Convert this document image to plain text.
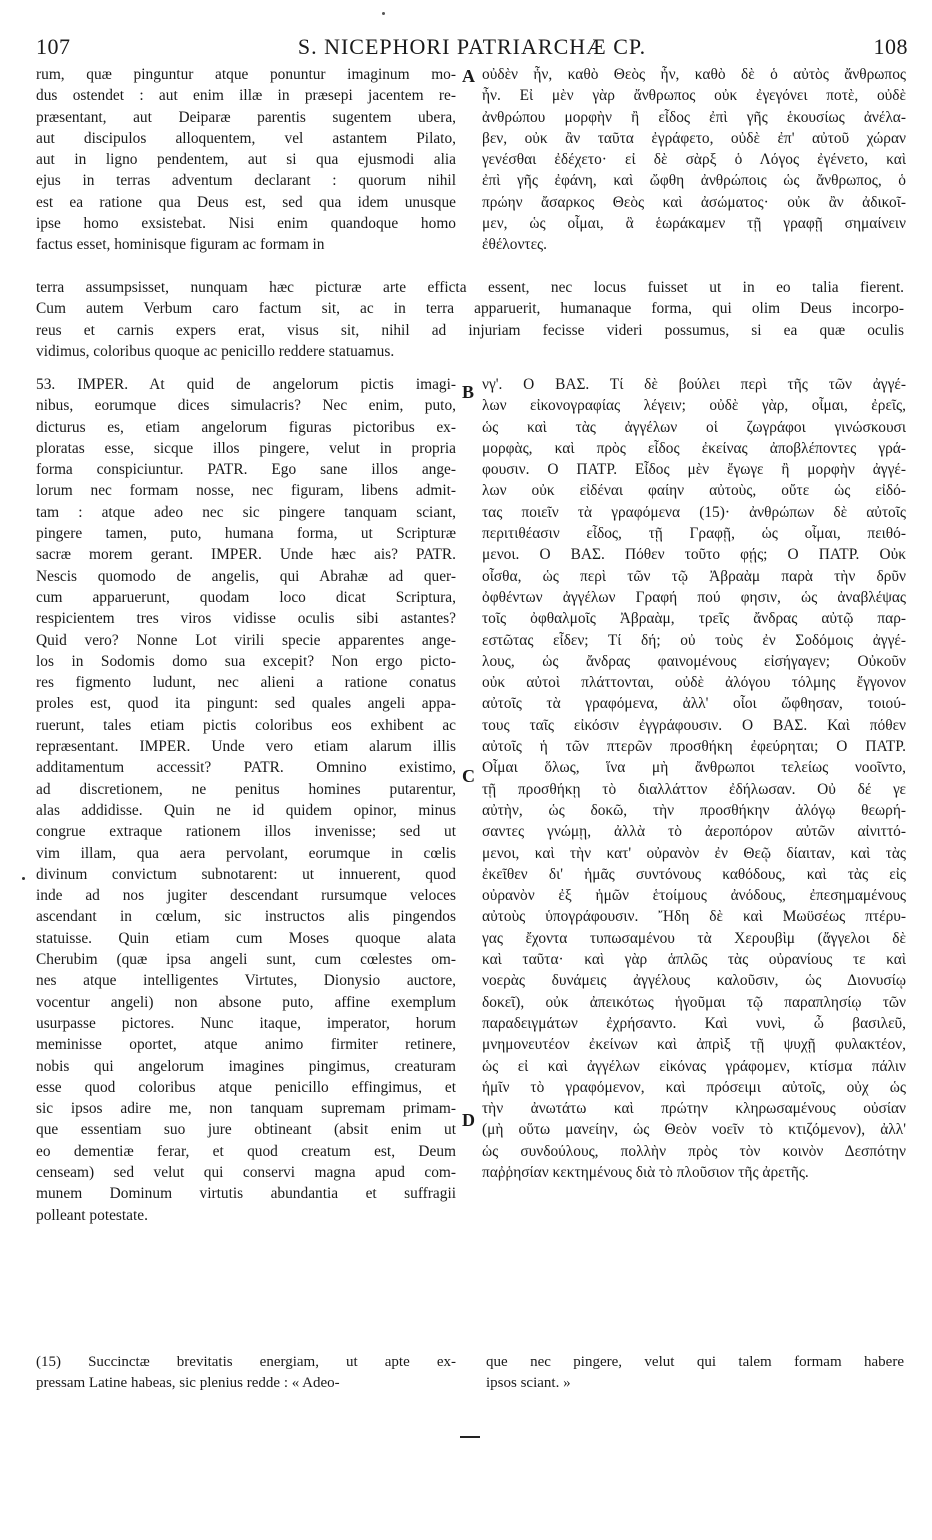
107	S. NICEPHORI PATRIARCHÆ CP.	108
rum, quæ pinguntur atque ponuntur imaginum mo-
dus ostendet : aut enim illæ in præsepi jacentem re-
præsentant, aut Deiparæ parentis sugentem ubera,
aut discipulos alloquentem, vel astantem Pilato,
aut in ligno pendentem, aut si qua ejusmodi alia
ejus in terras adventum declarant : quorum nihil
est ea ratione qua Deus est, sed qua idem unusque
ipse homo exsistebat. Nisi enim quandoque homo
factus esset, hominisque figuram ac formam in
A οὐδὲν ἦν, καθὸ Θεὸς ἦν, καθὸ δὲ ὁ αὐτὸς ἄνθρωπος
ἦν. Εἰ μὲν γὰρ ἄνθρωπος οὐκ ἐγεγόνει ποτὲ, οὐδὲ
ἀνθρώπου μορφὴν ἢ εἶδος ἐπὶ γῆς ἑκουσίως ἀνέλα-
βεν, οὐκ ἂν ταῦτα ἐγράφετο, οὐδὲ ἐπ' αὐτοῦ χώραν
γενέσθαι ἐδέχετο· εἰ δὲ σὰρξ ὁ Λόγος ἐγένετο, καὶ
ἐπὶ γῆς ἐφάνη, καὶ ὤφθη ἀνθρώποις ὡς ἄνθρωπος, ὁ
πρώην ἄσαρκος Θεὸς καὶ ἀσώματος· οὐκ ἂν ἀδικοῖ-
μεν, ὡς οἶμαι, ἃ ἑωράκαμεν τῇ γραφῇ σημαίνειν
ἐθέλοντες.
terra assumpsisset, nunquam hæc picturæ arte efficta essent, nec locus fuisset ut in eo talia fierent.
Cum autem Verbum caro factum sit, ac in terra apparuerit, humanaque forma, qui olim Deus incorpo-
reus et carnis expers erat, visus sit, nihil ad injuriam fecisse videri possumus, si ea quæ oculis
vidimus, coloribus quoque ac penicillo reddere statuamus.
53. IMPER. At quid de angelorum pictis imagi-
nibus, eorumque dices simulacris? Nec enim, puto,
dicturus es, etiam angelorum figuras pictoribus ex-
ploratas esse, sicque illos pingere, velut in propria
forma conspiciuntur. PATR. Ego sane illos ange-
lorum nec formam nosse, nec figuram, libens admit-
tam : atque adeo nec sic pingere tanquam sciant,
pingere tamen, puto, humana forma, ut Scripturæ
sacræ morem gerant. IMPER. Unde hæc ais? PATR.
Nescis quomodo de angelis, qui Abrahæ ad quer-
cum apparuerunt, quodam loco dicat Scriptura,
respicientem tres viros vidisse oculis sibi astantes?
Quid vero? Nonne Lot virili specie apparentes ange-
los in Sodomis domo sua excepit? Non ergo picto-
res figmento ludunt, nec alieni a ratione conatus
proles est, quod ita pingunt: sed quales angeli appa-
ruerunt, tales etiam pictis coloribus eos exhibent ac
repræsentant. IMPER. Unde vero etiam alarum illis
additamentum accessit? PATR. Omnino existimo,
ad discretionem, ne penitus homines putarentur,
alas addidisse. Quin ne id quidem opinor, minus
congrue extraque rationem illos invenisse; sed ut
vim illam, qua aera pervolant, eorumque in cœlis
divinum convictum subnotarent: ut innuerent, quod
inde ad nos jugiter descendant rursumque veloces
ascendant in cœlum, sic instructos alis pingendos
statuisse. Quin etiam cum Moses quoque alata
Cherubim (quæ ipsa angeli sunt, cum cœlestes om-
nes atque intelligentes Virtutes, Dionysio auctore,
vocentur angeli) non absone puto, affine exemplum
usurpasse pictores. Nunc itaque, imperator, horum
meminisse oportet, atque animo firmiter retinere,
nobis qui angelorum imagines pingimus, creaturam
esse quod coloribus atque penicillo effingimus, et
sic ipsos adire me, non tanquam supremam primam-
que essentiam suo jure obtineant (absit enim ut
eo dementiæ ferar, et quod creatum est, Deum
censeam) sed velut qui conservi magna apud com-
munem Dominum virtutis abundantia et suffragii
polleant potestate.
B
C
D
νγ'. Ο ΒΑΣ. Τί δὲ βούλει περὶ τῆς τῶν ἀγγέ-
λων εἰκονογραφίας λέγειν; οὐδὲ γὰρ, οἶμαι, ἐρεῖς,
ὡς καὶ τὰς ἀγγέλων οἱ ζωγράφοι γινώσκουσι
μορφὰς, καὶ πρὸς εἶδος ἐκείνας ἀποβλέποντες γρά-
φουσιν. Ο ΠΑΤΡ. Εἶδος μὲν ἔγωγε ἢ μορφὴν ἀγγέ-
λων οὐκ εἰδέναι φαίην αὐτοὺς, οὔτε ὡς εἰδό-
τας ποιεῖν τὰ γραφόμενα (15)· ἀνθρώπων δὲ αὐτοῖς
περιτιθέασιν εἶδος, τῇ Γραφῇ, ὡς οἶμαι, πειθό-
μενοι. Ο ΒΑΣ. Πόθεν τοῦτο φῄς; Ο ΠΑΤΡ. Οὐκ
οἶσθα, ὡς περὶ τῶν τῷ Ἀβραὰμ παρὰ τὴν δρῦν
ὀφθέντων ἀγγέλων Γραφή πού φησιν, ὡς ἀναβλέψας
τοῖς ὀφθαλμοῖς Ἀβραὰμ, τρεῖς ἄνδρας αὐτῷ παρ-
εστῶτας εἶδεν; Τί δή; οὐ τοὺς ἐν Σοδόμοις ἀγγέ-
λους, ὡς ἄνδρας φαινομένους εἰσήγαγεν; Οὐκοῦν
οὐκ αὐτοὶ πλάττονται, οὐδὲ ἀλόγου τόλμης ἔγγονον
αὐτοῖς τὰ γραφόμενα, ἀλλ' οἷοι ὤφθησαν, τοιού-
τους ταῖς εἰκόσιν ἐγγράφουσιν. Ο ΒΑΣ. Καὶ πόθεν
αὐτοῖς ἡ τῶν πτερῶν προσθήκη ἐφεύρηται; Ο ΠΑΤΡ.
Οἶμαι ὅλως, ἵνα μὴ ἄνθρωποι τελείως νοοῖντο,
τῇ προσθήκῃ τὸ διαλλάττον ἐδήλωσαν. Οὐ δέ γε
αὐτὴν, ὡς δοκῶ, τὴν προσθήκην ἀλόγῳ θεωρή-
σαντες γνώμῃ, ἀλλὰ τὸ ἀεροπόρον αὐτῶν αἰνιττό-
μενοι, καὶ τὴν κατ' οὐρανὸν ἐν Θεῷ δίαιταν, καὶ τὰς
ἐκεῖθεν δι' ἡμᾶς συντόνους καθόδους, καὶ τὰς εἰς
οὐρανὸν ἐξ ἡμῶν ἑτοίμους ἀνόδους, ἐπεσημαμένους
αὐτοὺς ὑπογράφουσιν. Ἤδη δὲ καὶ Μωϋσέως πτέρυ-
γας ἔχοντα τυπωσαμένου τὰ Χερουβὶμ (ἄγγελοι δὲ
καὶ ταῦτα· καὶ γὰρ ἁπλῶς τὰς οὐρανίους τε καὶ
νοερὰς δυνάμεις ἀγγέλους καλοῦσιν, ὡς Διονυσίῳ
δοκεῖ), οὐκ ἀπεικότως ἡγοῦμαι τῷ παραπλησίῳ τῶν
παραδειγμάτων ἐχρήσαντο. Καὶ νυνὶ, ὦ βασιλεῦ,
μνημονευτέον ἐκείνων καὶ ἀπρὶξ τῇ ψυχῇ φυλακτέον,
ὡς εἰ καὶ ἀγγέλων εἰκόνας γράφομεν, κτίσμα πάλιν
ἡμῖν τὸ γραφόμενον, καὶ πρόσειμι αὐτοῖς, οὐχ ὡς
τὴν ἀνωτάτω καὶ πρώτην κληρωσαμένους οὐσίαν
(μὴ οὕτω μανείην, ὡς Θεὸν νοεῖν τὸ κτιζόμενον), ἀλλ'
ὡς συνδούλους, πολλὴν πρὸς τὸν κοινὸν Δεσπότην
παῤῥησίαν κεκτημένους διὰ τὸ πλοῦσιον τῆς ἀρετῆς.
(15) Succinctæ brevitatis energiam, ut apte ex-
pressam Latine habeas, sic plenius redde : « Adeo-
que nec pingere, velut qui talem formam habere
ipsos sciant. »
